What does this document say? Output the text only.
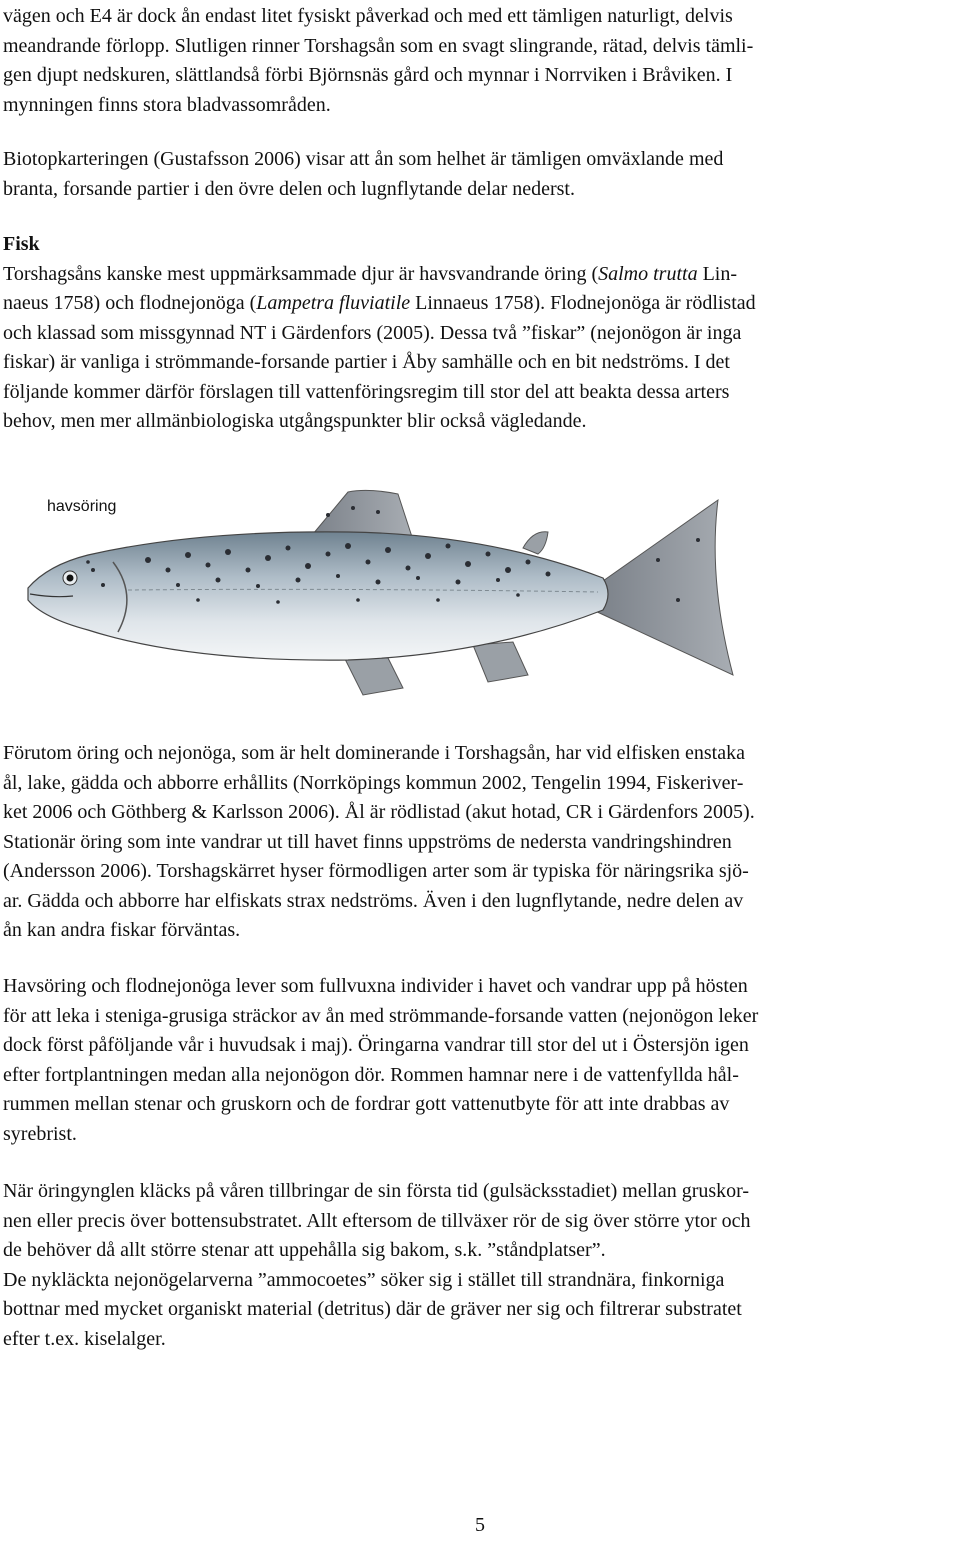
vägen och E4 är dock ån endast litet fysiskt påverkad och med ett tämligen naturligt, delvis
meandrande förlopp. Slutligen rinner Torshagsån som en svagt slingrande, rätad, delvis tämli-
gen djupt nedskuren, slättlandså förbi Björnsnäs gård och mynnar i Norrviken i Bråviken. I
mynningen finns stora bladvassområden.

Biotopkarteringen (Gustafsson 2006) visar att ån som helhet är tämligen omväxlande med
branta, forsande partier i den övre delen och lugnflytande delar nederst.

Fisk
Torshagsåns kanske mest uppmärksammade djur är havsvandrande öring (Salmo trutta Lin-
naeus 1758) och flodnejonöga (Lampetra fluviatile Linnaeus 1758). Flodnejonöga är rödlistad
och klassad som missgynnad NT i Gärdenfors (2005). Dessa två ”fiskar” (nejonögon är inga
fiskar) är vanliga i strömmande-forsande partier i Åby samhälle och en bit nedströms. I det
följande kommer därför förslagen till vattenföringsregim till stor del att beakta dessa arters
behov, men mer allmänbiologiska utgångspunkter blir också vägledande.

havsöring

Förutom öring och nejonöga, som är helt dominerande i Torshagsån, har vid elfisken enstaka
ål, lake, gädda och abborre erhållits (Norrköpings kommun 2002, Tengelin 1994, Fiskeriver-
ket 2006 och Göthberg & Karlsson 2006). Ål är rödlistad (akut hotad, CR i Gärdenfors 2005).
Stationär öring som inte vandrar ut till havet finns uppströms de nedersta vandringshindren
(Andersson 2006). Torshagskärret hyser förmodligen arter som är typiska för näringsrika sjö-
ar. Gädda och abborre har elfiskats strax nedströms. Även i den lugnflytande, nedre delen av
ån kan andra fiskar förväntas.

Havsöring och flodnejonöga lever som fullvuxna individer i havet och vandrar upp på hösten
för att leka i steniga-grusiga sträckor av ån med strömmande-forsande vatten (nejonögon leker
dock först påföljande vår i huvudsak i maj). Öringarna vandrar till stor del ut i Östersjön igen
efter fortplantningen medan alla nejonögon dör. Rommen hamnar nere i de vattenfyllda hål-
rummen mellan stenar och gruskorn och de fordrar gott vattenutbyte för att inte drabbas av
syrebrist.

När öringynglen kläcks på våren tillbringar de sin första tid (gulsäcksstadiet) mellan gruskor-
nen eller precis över bottensubstratet. Allt eftersom de tillväxer rör de sig över större ytor och
de behöver då allt större stenar att uppehålla sig bakom, s.k. ”ståndplatser”.
De nykläckta nejonögelarverna ”ammocoetes” söker sig i stället till strandnära, finkorniga
bottnar med mycket organiskt material (detritus) där de gräver ner sig och filtrerar substratet
efter t.ex. kiselalger.

5
